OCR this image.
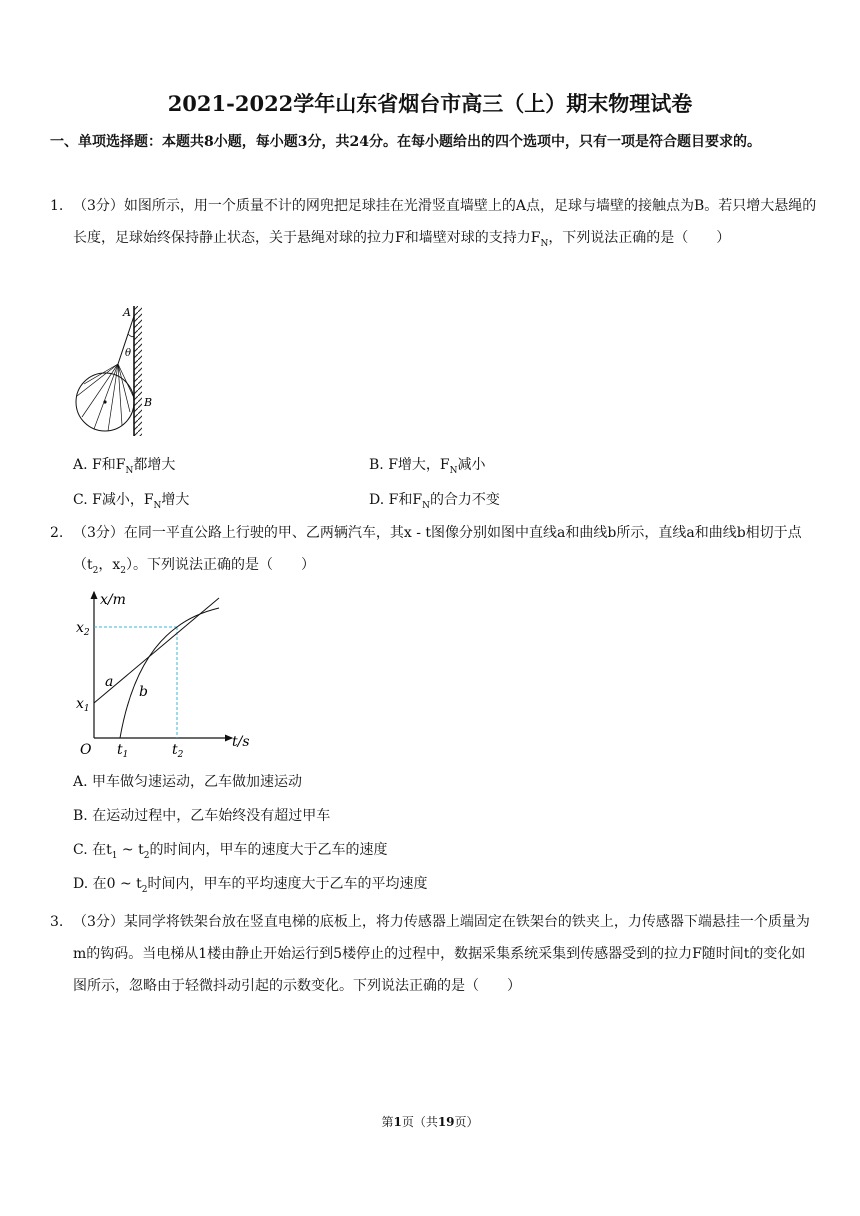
2021-2022学年山东省烟台市高三（上）期末物理试卷
一、单项选择题：本题共8小题，每小题3分，共24分。在每小题给出的四个选项中，只有一项是符合题目要求的。
1. （3分）如图所示，用一个质量不计的网兜把足球挂在光滑竖直墙壁上的A点，足球与墙壁的接触点为B。若只增大悬绳的长度，足球始终保持静止状态，关于悬绳对球的拉力F和墙壁对球的支持力$F_N$，下列说法正确的是（　　）
A
θ
B
A. F和$F_N$都增大	B. F增大，$F_N$减小
C. F减小，$F_N$增大	D. F和$F_N$的合力不变
2. （3分）在同一平直公路上行驶的甲、乙两辆汽车，其x - t图像分别如图中直线a和曲线b所示，直线a和曲线b相切于点（$t_2$，$x_2$）。下列说法正确的是（　　）
x/m
t/s
O
$x_2$
$x_1$
$t_1$	$t_2$
a
b
A. 甲车做匀速运动，乙车做加速运动
B. 在运动过程中，乙车始终没有超过甲车
C. 在$t_1$ ~ $t_2$的时间内，甲车的速度大于乙车的速度
D. 在0 ~ $t_2$时间内，甲车的平均速度大于乙车的平均速度
3. （3分）某同学将铁架台放在竖直电梯的底板上，将力传感器上端固定在铁架台的铁夹上，力传感器下端悬挂一个质量为m的钩码。当电梯从1楼由静止开始运行到5楼停止的过程中，数据采集系统采集到传感器受到的拉力F随时间t的变化如图所示，忽略由于轻微抖动引起的示数变化。下列说法正确的是（　　）
第1页（共19页）
